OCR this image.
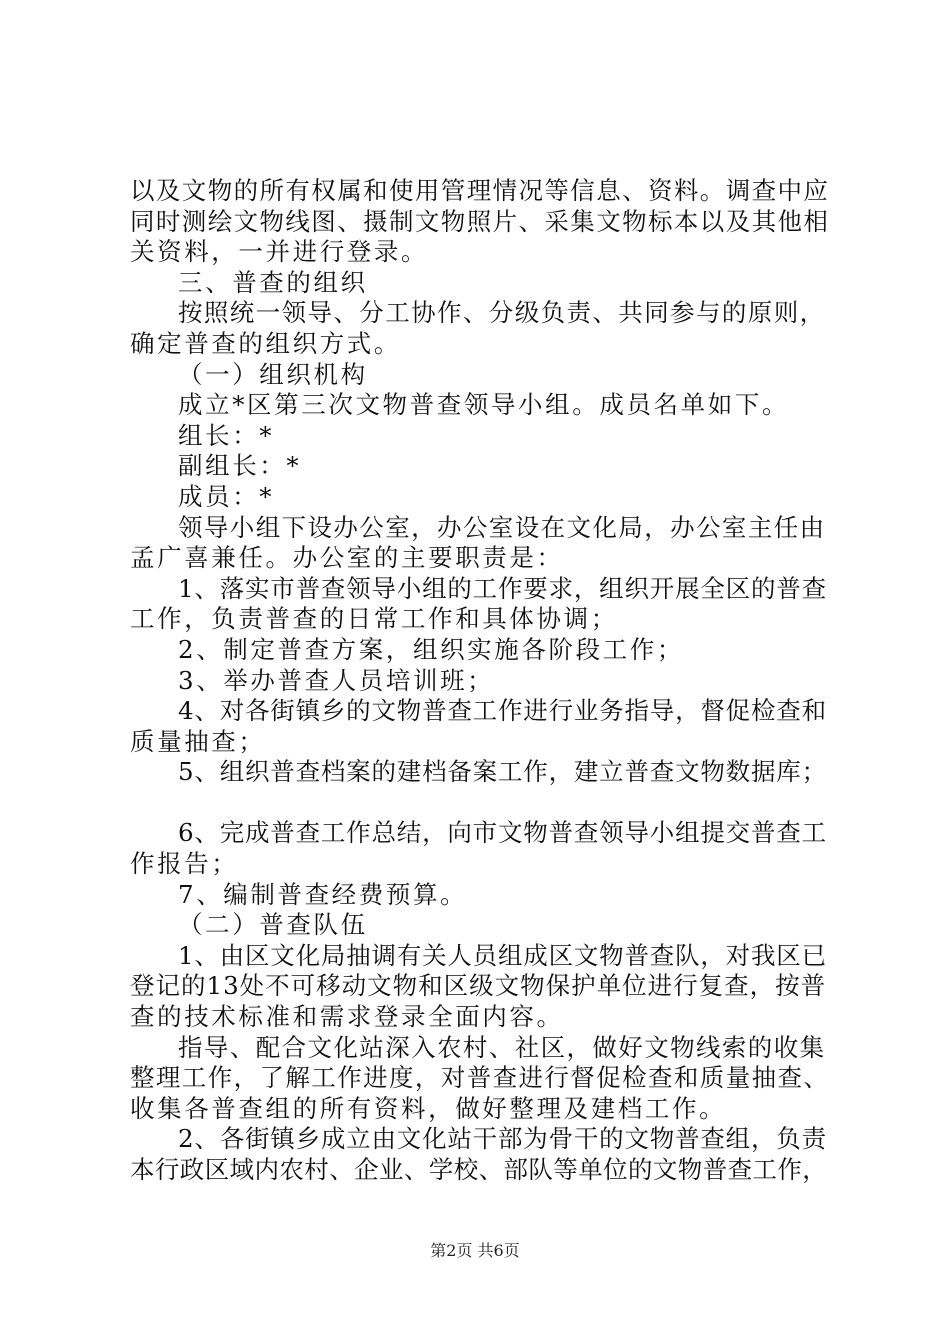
以及文物的所有权属和使用管理情况等信息、资料。调查中应
同时测绘文物线图、摄制文物照片、采集文物标本以及其他相
关资料，一并进行登录。
三、普查的组织
按照统一领导、分工协作、分级负责、共同参与的原则，
确定普查的组织方式。
（一）组织机构
成立*区第三次文物普查领导小组。成员名单如下。
组长：*
副组长：*
成员：*
领导小组下设办公室，办公室设在文化局，办公室主任由
孟广喜兼任。办公室的主要职责是：
1、落实市普查领导小组的工作要求，组织开展全区的普查
工作，负责普查的日常工作和具体协调；
2、制定普查方案，组织实施各阶段工作；
3、举办普查人员培训班；
4、对各街镇乡的文物普查工作进行业务指导，督促检查和
质量抽查；
5、组织普查档案的建档备案工作，建立普查文物数据库；
6、完成普查工作总结，向市文物普查领导小组提交普查工
作报告；
7、编制普查经费预算。
（二）普查队伍
1、由区文化局抽调有关人员组成区文物普查队，对我区已
登记的13处不可移动文物和区级文物保护单位进行复查，按普
查的技术标准和需求登录全面内容。
指导、配合文化站深入农村、社区，做好文物线索的收集
整理工作，了解工作进度，对普查进行督促检查和质量抽查、
收集各普查组的所有资料，做好整理及建档工作。
2、各街镇乡成立由文化站干部为骨干的文物普查组，负责
本行政区域内农村、企业、学校、部队等单位的文物普查工作，
第2页 共6页
